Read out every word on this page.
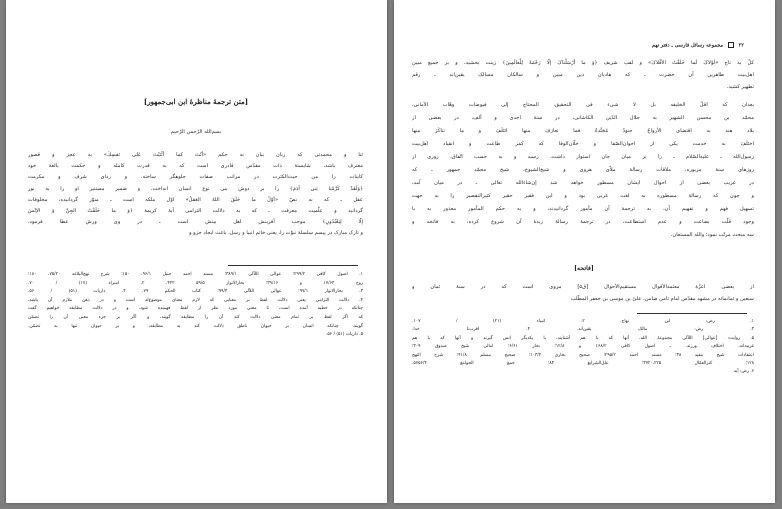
[متن ترجمهٔ مناظرهٔ ابن ابی‌جمهور]
بسم‌الله الرّحمن الرّحیم
ثنا و محمدتی که زبان بیان به حکم «أنْتَ كما أثْنَيْتَ عَلى نَفسِكَ» به عجز و قصور
معترف باشد، شایستهٔ ذات مقدّس قادری است که به قدرت کامله و حکمت بالغهٔ خود
کاینات را من حیث‌الکثرت در مراتب صفات جلوهگر ساخته، و ردای شرف و مکرمت
﴿وَلَقَدْ كَرَّمْنا بَني آدَمَ﴾ را بر دوش بنی نوع انسان انداخت، و ضمیر مستنیر او را به نور
عقل ـ که به نصّ «أوّلُ ما خَلَقَ اللهُ العَقلُ» اوّل ملکه است ـ منوّر گردانیده، مخلوقات
گردانید و علّمیت معرفت ـ که به دلالت التزامی آیهٔ کریمهٔ ﴿وَ ما خَلَقْتُ الجِنَّ وَ الإنْسَ
إلّا لِيَعْبُدُونِ﴾ موجب آفرینش اهل بینش است ـ در وی ورش عطا فرمود،
و تارک مبارک در پیسم سلسلهٔ نبوّت را، یعنی خاتم انبیا و رسل، باعث ایجاد جزو و
۱. اصول کافی ۲۹۹/۲؛ عوالی اللّآلی ۳۸۹/۱؛ مسند احمد حنبل ۹۶/۱، ۱۵۰؛ شرح نهج‌البلاغه ۷۵/۲۰، ۱۸۰؛
روح ۱۷/۶۴ و ۳۹/۱۶؛ بحارالانوار ۵۹/۵ ۴۴۲. ۲. اسراء (۱۷) / ۷۰.
۳. بحارالانوار ۹۷/۱؛ عوالی اللآلی ۹۹/۴؛ کتاب الحکم ۷۹. ۴. ذاریات (۵۱) / ۵۶.
۴. دلالت التزامی یعنی دلالت لفظ بر معنایی که لازم معنای موضوع‌له است و در ذهن ملازم آن باشد،
چنانکه در خطبه آمده است، تا معنی مورد نظر از لفظ فهمیده شود، و در دلالت مطابقه خواهیم گفت
که اگر لفظ بر تمام معنی دلالت کند آن را مطابقه گویند، و اگر بر جزء معنی آن را تضمّن
گویند، چنانکه انسان بر حیوان ناطق دلالت کند به مطابقه، و بر حیوان تنها به تضمّن.
۵. ذاریات (۵۱) / ۵۶.
۲۲  مجموعه رسائل فارسی ـ دفتر نهم
کلّ به تاج «لَوْلاکَ لَما خَلَقْتُ الأفْلاکَ» و لقب شریف ﴿وَ ما أرْسَلْناکَ إلّا رَحْمَةً لِلْعالَمِینَ﴾ زینت بخشید، و بر جمیع مبین
اهل‌بیت طاهرین آن حضرت ـ که هادیان دین مبین و سالکان مسالک یقین‌اند ـ رقم
تطهیر کشید.
بعدان که اقلّ الخلیقه بل لا شیء فی التحقیق، المحتاج إلی فیوضات وهّاب الأمانی،
محمّد بن محسن الشهیر به جلال الدّین الکاشانی، در سنهٔ احدی و ألف، در بعضی از
بلاد هند به اقتضای الأرواحُ جنودٌ مُجَنَّدةٌ فما تعارَفَ منها ائتَلَفَ و ما تناکَرَ منها
اختَلَفَ به خدمت یکی از اخوان‌الصّفا و خلّان‌الوفا که کمر طاعت و انقیاد اهل‌بیت
رسول‌الله ـ علیه‌السّلام ـ را بر میان جان استوار داشت، رسید و به حسب اتّفاق، روزی از
روزهای سنهٔ مزبوره، ملاقات رسالهٔ ملاّی هروی و شیخ‌الشیوخ، شیخ محمّد جمهور ـ که
در غریب بعضی از احوال ایشان مسطور خواهد شد إن‌شاءالله تعالی ـ در میان آمد،
و چون که رسالهٔ مسطوره به لغت عربی بود و این فقیر حقیر کثیرالتقصیر را به جهت
تسهیل فهم و تفهیم آن، به ترجمهٔ آن مأمور گردانیدند، و به حکم المأمور معذور به با
وجود قلّت بضاعت و عدم استطاعت، در ترجمهٔ رسالهٔ زبدهٔ آن شروع کرده، به فاتحه و
سه مبحث مرتّب نمود؛ والله المستعان.
[فاتحه]
از بعضی اعزّهٔ معتمدالأقوال مستقیم‌الأحوال [ق‌۵] مروی است که در سنهٔ ثمان و
سبعین و ثمانمائه در مشهد مقدّس امام ثامن ضامن، علیّ بن موسی بن جعفر المطّلب
۱. رض: ابن نهاج. ۲. انبیاء (۲۱) / ۱۰۷.
۳. رض: مالک یقین‌اند. ۴. اقرب‌نا خدا.
۵. روایت: [عوالی] اللّآلی مجموعهٔ الله، آنها که با هم آشنایند، با یکدیگر انس گیرند و آنها که با هم
غریبه‌اند، اختلاف ورزند. ـ اصول کافی ۱۶۸/۲ و ۱۲/۸؛ بحار ۶/۶۱؛ امالی شیخ صدوق ۳۰۹؛
اعتقادات شیخ مفید ۳۸؛ مسند احمد ۲۹۵/۲؛ صحیح بخاری ۱۰۳/۴؛ صحیح مسلم ۴۱/۸؛ شرح النهج
۱۲۸؛ کنزالعمّال ۲۲۵ـ۳۷۲۰؛ علل‌الشرایع ۸۴؛ جمع الجوامع ۵۷۵۶/۴.
۶. رض: آید.
